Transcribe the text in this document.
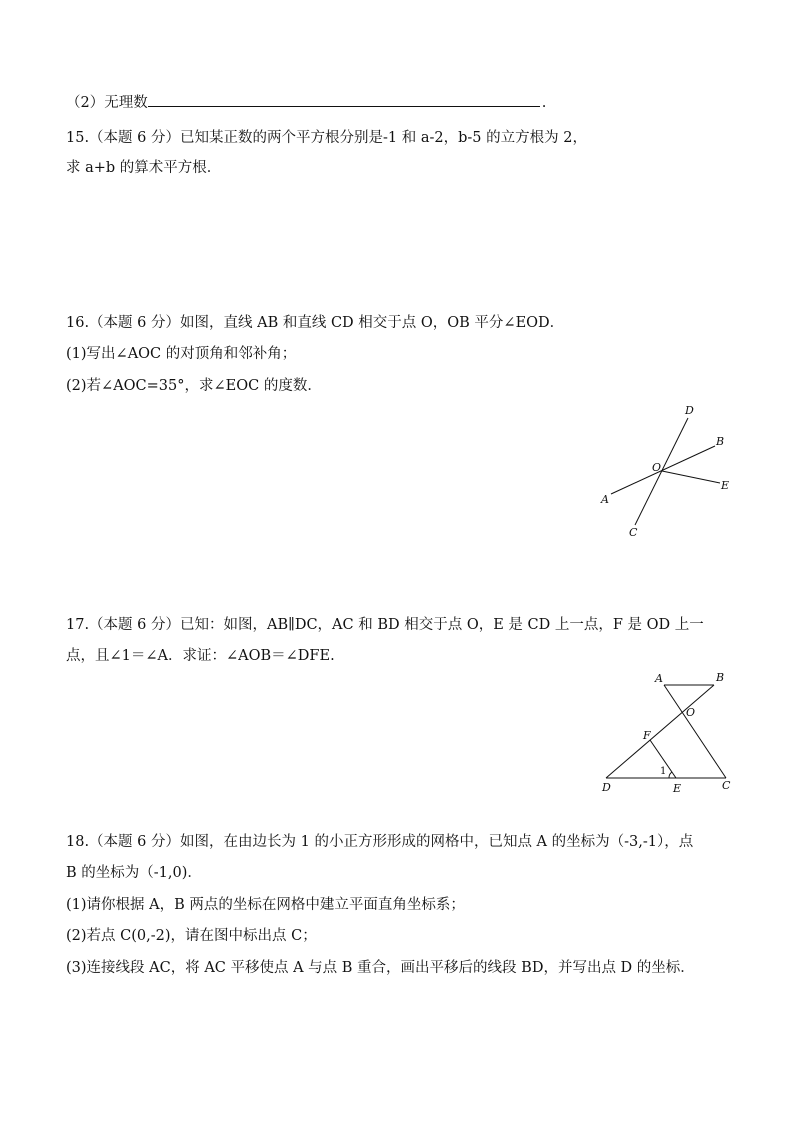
（2）无理数	.
15.（本题 6 分）已知某正数的两个平方根分别是-1 和 a-2，b-5 的立方根为 2，
求 a+b 的算术平方根．
16.（本题 6 分）如图，直线 AB 和直线 CD 相交于点 O，OB 平分∠EOD．
(1)写出∠AOC 的对顶角和邻补角；
(2)若∠AOC=35°，求∠EOC 的度数．
D
B
O
E
A
C
17.（本题 6 分）已知：如图，AB∥DC，AC 和 BD 相交于点 O，E 是 CD 上一点，F 是 OD 上一
点，且∠1＝∠A．求证：∠AOB＝∠DFE.
A	B
O
F
1
D	E	C
18.（本题 6 分）如图，在由边长为 1 的小正方形形成的网格中，已知点 A 的坐标为（-3,-1），点
B 的坐标为（-1,0)．
(1)请你根据 A，B 两点的坐标在网格中建立平面直角坐标系；
(2)若点 C(0,-2)，请在图中标出点 C；
(3)连接线段 AC，将 AC 平移使点 A 与点 B 重合，画出平移后的线段 BD，并写出点 D 的坐标．
